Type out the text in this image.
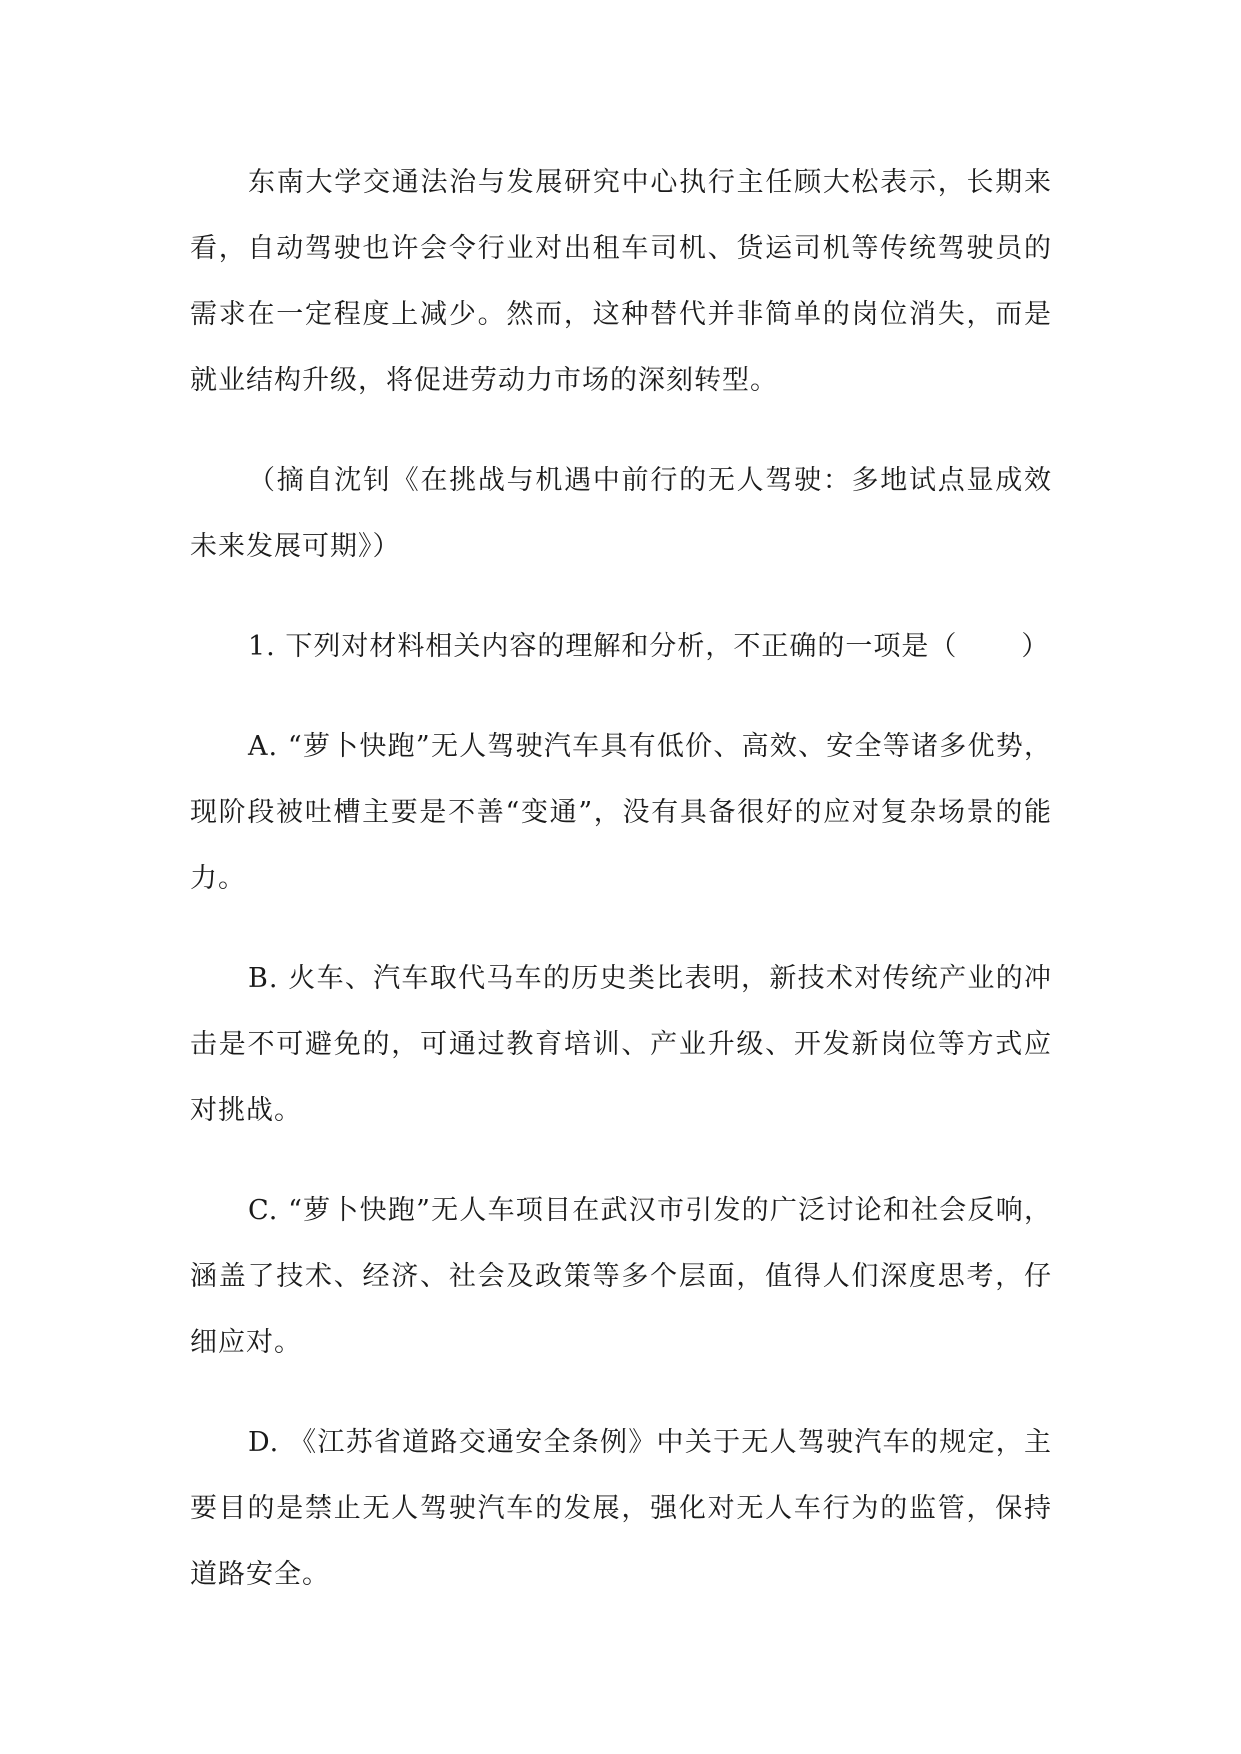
东南大学交通法治与发展研究中心执行主任顾大松表示，长期来看，自动驾驶也许会令行业对出租车司机、货运司机等传统驾驶员的需求在一定程度上减少。然而，这种替代并非简单的岗位消失，而是就业结构升级，将促进劳动力市场的深刻转型。

（摘自沈钊《在挑战与机遇中前行的无人驾驶：多地试点显成效未来发展可期》）

1. 下列对材料相关内容的理解和分析，不正确的一项是（ ）

A. “萝卜快跑”无人驾驶汽车具有低价、高效、安全等诸多优势，现阶段被吐槽主要是不善“变通”，没有具备很好的应对复杂场景的能力。

B. 火车、汽车取代马车的历史类比表明，新技术对传统产业的冲击是不可避免的，可通过教育培训、产业升级、开发新岗位等方式应对挑战。

C. “萝卜快跑”无人车项目在武汉市引发的广泛讨论和社会反响，涵盖了技术、经济、社会及政策等多个层面，值得人们深度思考，仔细应对。

D. 《江苏省道路交通安全条例》中关于无人驾驶汽车的规定，主要目的是禁止无人驾驶汽车的发展，强化对无人车行为的监管，保持道路安全。
